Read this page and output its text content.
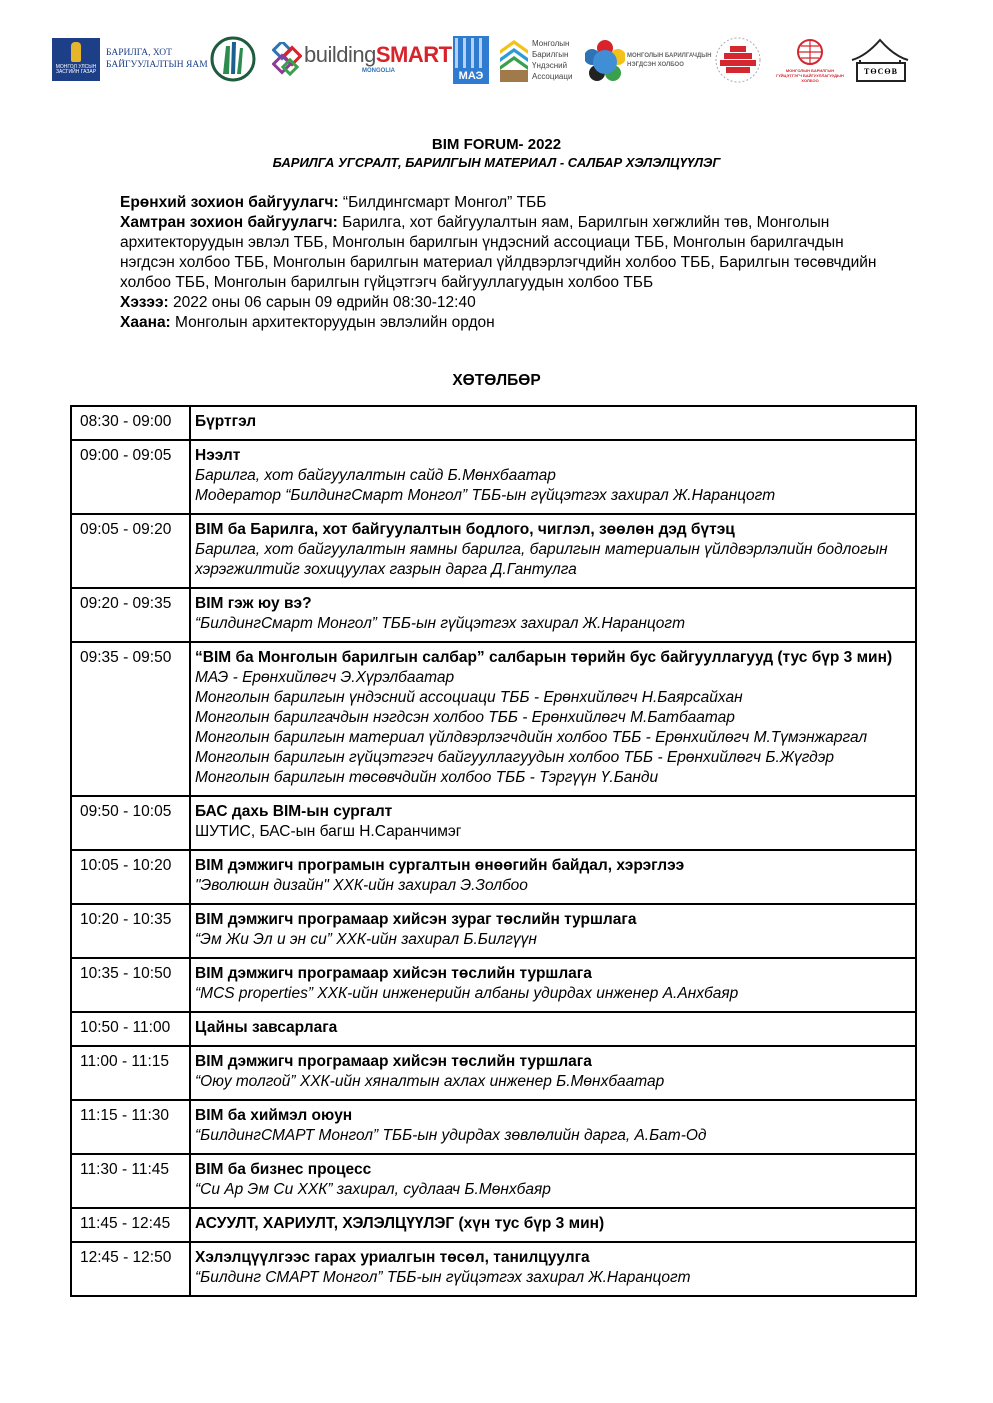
МОНГОЛ УЛСЫН ЗАСГИЙН ГАЗАР
БАРИЛГА, ХОТ
БАЙГУУЛАЛТЫН ЯАМ	buildingSMART
MONGOLIA	МАЭ
Монголын
Барилгын
Үндэсний
Ассоциаци
МОНГОЛЫН БАРИЛГАЧДЫН
НЭГДСЭН ХОЛБОО
МОНГОЛЫН БАРИЛГЫН
ГҮЙЦЭТГЭГЧ БАЙГУУЛЛАГУУДЫН
ХОЛБОО
ТӨСӨВ
BIM FORUM- 2022
БАРИЛГА УГСРАЛТ, БАРИЛГЫН МАТЕРИАЛ - САЛБАР ХЭЛЭЛЦҮҮЛЭГ

Ерөнхий зохион байгуулагч: “Билдингсмарт Монгол” ТББ

Хамтран зохион байгуулагч: Барилга, хот байгуулалтын яам, Барилгын хөгжлийн төв, Монголын архитекторуудын эвлэл ТББ, Монголын барилгын үндэсний ассоциаци ТББ, Монголын барилгачдын нэгдсэн холбоо ТББ, Монголын барилгын материал үйлдвэрлэгчдийн холбоо ТББ, Барилгын төсөвчдийн холбоо ТББ, Монголын барилгын гүйцэтгэгч байгууллагуудын холбоо ТББ

Хэзээ: 2022 оны 06 сарын 09 өдрийн 08:30-12:40

Хаана: Монголын архитекторуудын эвлэлийн ордон

ХӨТӨЛБӨР
08:30 - 09:00	Бүртгэл

09:00 - 09:05	Нээлт
Барилга, хот байгуулалтын сайд Б.Мөнхбаатар
Модератор “БилдингСмарт Монгол” ТББ-ын гүйцэтгэх захирал Ж.Наранцогт

09:05 - 09:20	BIM ба Барилга, хот байгуулалтын бодлого, чиглэл, зөөлөн дэд бүтэц
Барилга, хот байгуулалтын яамны барилга, барилгын материалын үйлдвэрлэлийн бодлогын хэрэгжилтийг зохицуулах газрын дарга Д.Гантулга

09:20 - 09:35	BIM гэж юу вэ?
“БилдингСмарт Монгол” ТББ-ын гүйцэтгэх захирал Ж.Наранцогт

09:35 - 09:50	“BIM ба Монголын барилгын салбар” салбарын төрийн бус байгууллагууд (тус бүр 3 мин)
МАЭ - Ерөнхийлөгч Э.Хүрэлбаатар
Монголын барилгын үндэсний ассоциаци ТББ - Ерөнхийлөгч Н.Баярсайхан
Монголын барилгачдын нэгдсэн холбоо ТББ - Ерөнхийлөгч М.Батбаатар
Монголын барилгын материал үйлдвэрлэгчдийн холбоо ТББ - Ерөнхийлөгч М.Түмэнжаргал
Монголын барилгын гүйцэтгэгч байгууллагуудын холбоо ТББ - Ерөнхийлөгч Б.Жүгдэр
Монголын барилгын төсөвчдийн холбоо ТББ - Тэргүүн Ү.Банди

09:50 - 10:05	БАС дахь BIM-ын сургалт
ШУТИС, БАС-ын багш Н.Саранчимэг

10:05 - 10:20	BIM дэмжигч програмын сургалтын өнөөгийн байдал, хэрэглээ
"Эволюшн дизайн" ХХК-ийн захирал Э.Золбоо

10:20 - 10:35	BIM дэмжигч програмаар хийсэн зураг төслийн туршлага
“Эм Жи Эл и эн си” ХХК-ийн захирал Б.Билгүүн

10:35 - 10:50	BIM дэмжигч програмаар хийсэн төслийн туршлага
“MCS properties” ХХК-ийн инженерийн албаны удирдах инженер А.Анхбаяр

10:50 - 11:00	Цайны завсарлага

11:00 - 11:15	BIM дэмжигч програмаар хийсэн төслийн туршлага
“Оюу толгой” ХХК-ийн хяналтын ахлах инженер Б.Мөнхбаатар

11:15 - 11:30	BIM ба хиймэл оюун
“БилдингСМАРТ Монгол” ТББ-ын удирдах зөвлөлийн дарга, А.Бат-Од

11:30 - 11:45	BIM ба бизнес процесс
“Си Ар Эм Си ХХК” захирал, судлаач Б.Мөнхбаяр

11:45 - 12:45	АСУУЛТ, ХАРИУЛТ, ХЭЛЭЛЦҮҮЛЭГ (хүн тус бүр 3 мин)

12:45 - 12:50	Хэлэлцүүлгээс гарах уриалгын төсөл, танилцуулга
“Билдинг СМАРТ Монгол” ТББ-ын гүйцэтгэх захирал Ж.Наранцогт
